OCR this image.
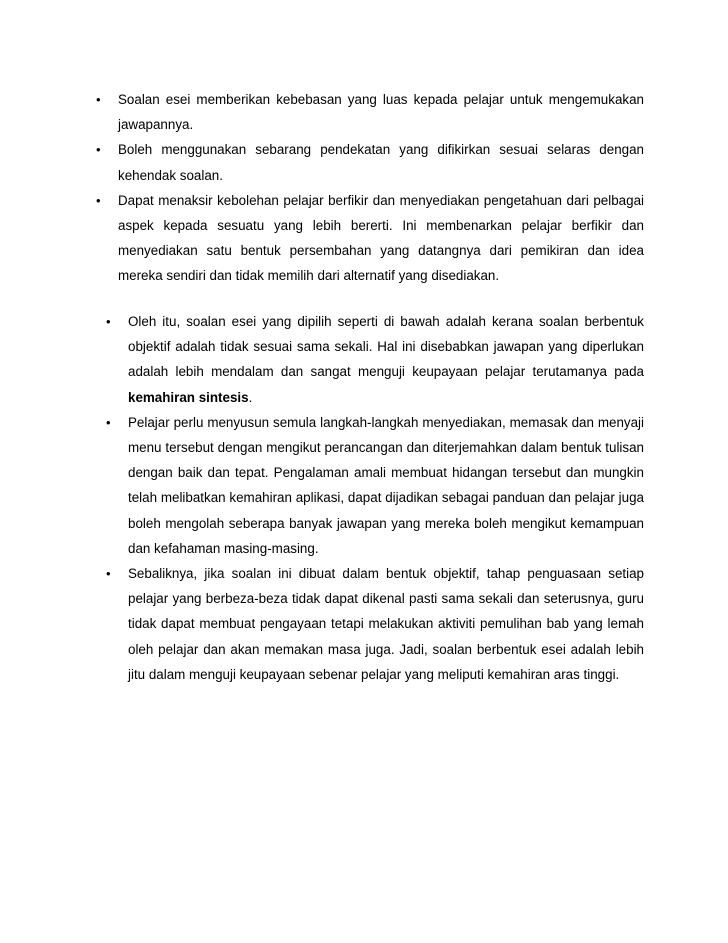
•	Soalan esei memberikan kebebasan yang luas kepada pelajar untuk mengemukakan jawapannya.
•	Boleh menggunakan sebarang pendekatan yang difikirkan sesuai selaras dengan kehendak soalan.
•	Dapat menaksir kebolehan pelajar berfikir dan menyediakan pengetahuan dari pelbagai aspek kepada sesuatu yang lebih bererti. Ini membenarkan pelajar berfikir dan menyediakan satu bentuk persembahan yang datangnya dari pemikiran dan idea mereka sendiri dan tidak memilih dari alternatif yang disediakan.
•	Oleh itu, soalan esei yang dipilih seperti di bawah adalah kerana soalan berbentuk objektif adalah tidak sesuai sama sekali. Hal ini disebabkan jawapan yang diperlukan adalah lebih mendalam dan sangat menguji keupayaan pelajar terutamanya pada kemahiran sintesis.
•	Pelajar perlu menyusun semula langkah-langkah menyediakan, memasak dan menyaji menu tersebut dengan mengikut perancangan dan diterjemahkan dalam bentuk tulisan dengan baik dan tepat. Pengalaman amali membuat hidangan tersebut dan mungkin telah melibatkan kemahiran aplikasi, dapat dijadikan sebagai panduan dan pelajar juga boleh mengolah seberapa banyak jawapan yang mereka boleh mengikut kemampuan dan kefahaman masing-masing.
•	Sebaliknya, jika soalan ini dibuat dalam bentuk objektif, tahap penguasaan setiap pelajar yang berbeza-beza tidak dapat dikenal pasti sama sekali dan seterusnya, guru tidak dapat membuat pengayaan tetapi melakukan aktiviti pemulihan bab yang lemah oleh pelajar dan akan memakan masa juga. Jadi, soalan berbentuk esei adalah lebih jitu dalam menguji keupayaan sebenar pelajar yang meliputi kemahiran aras tinggi.
